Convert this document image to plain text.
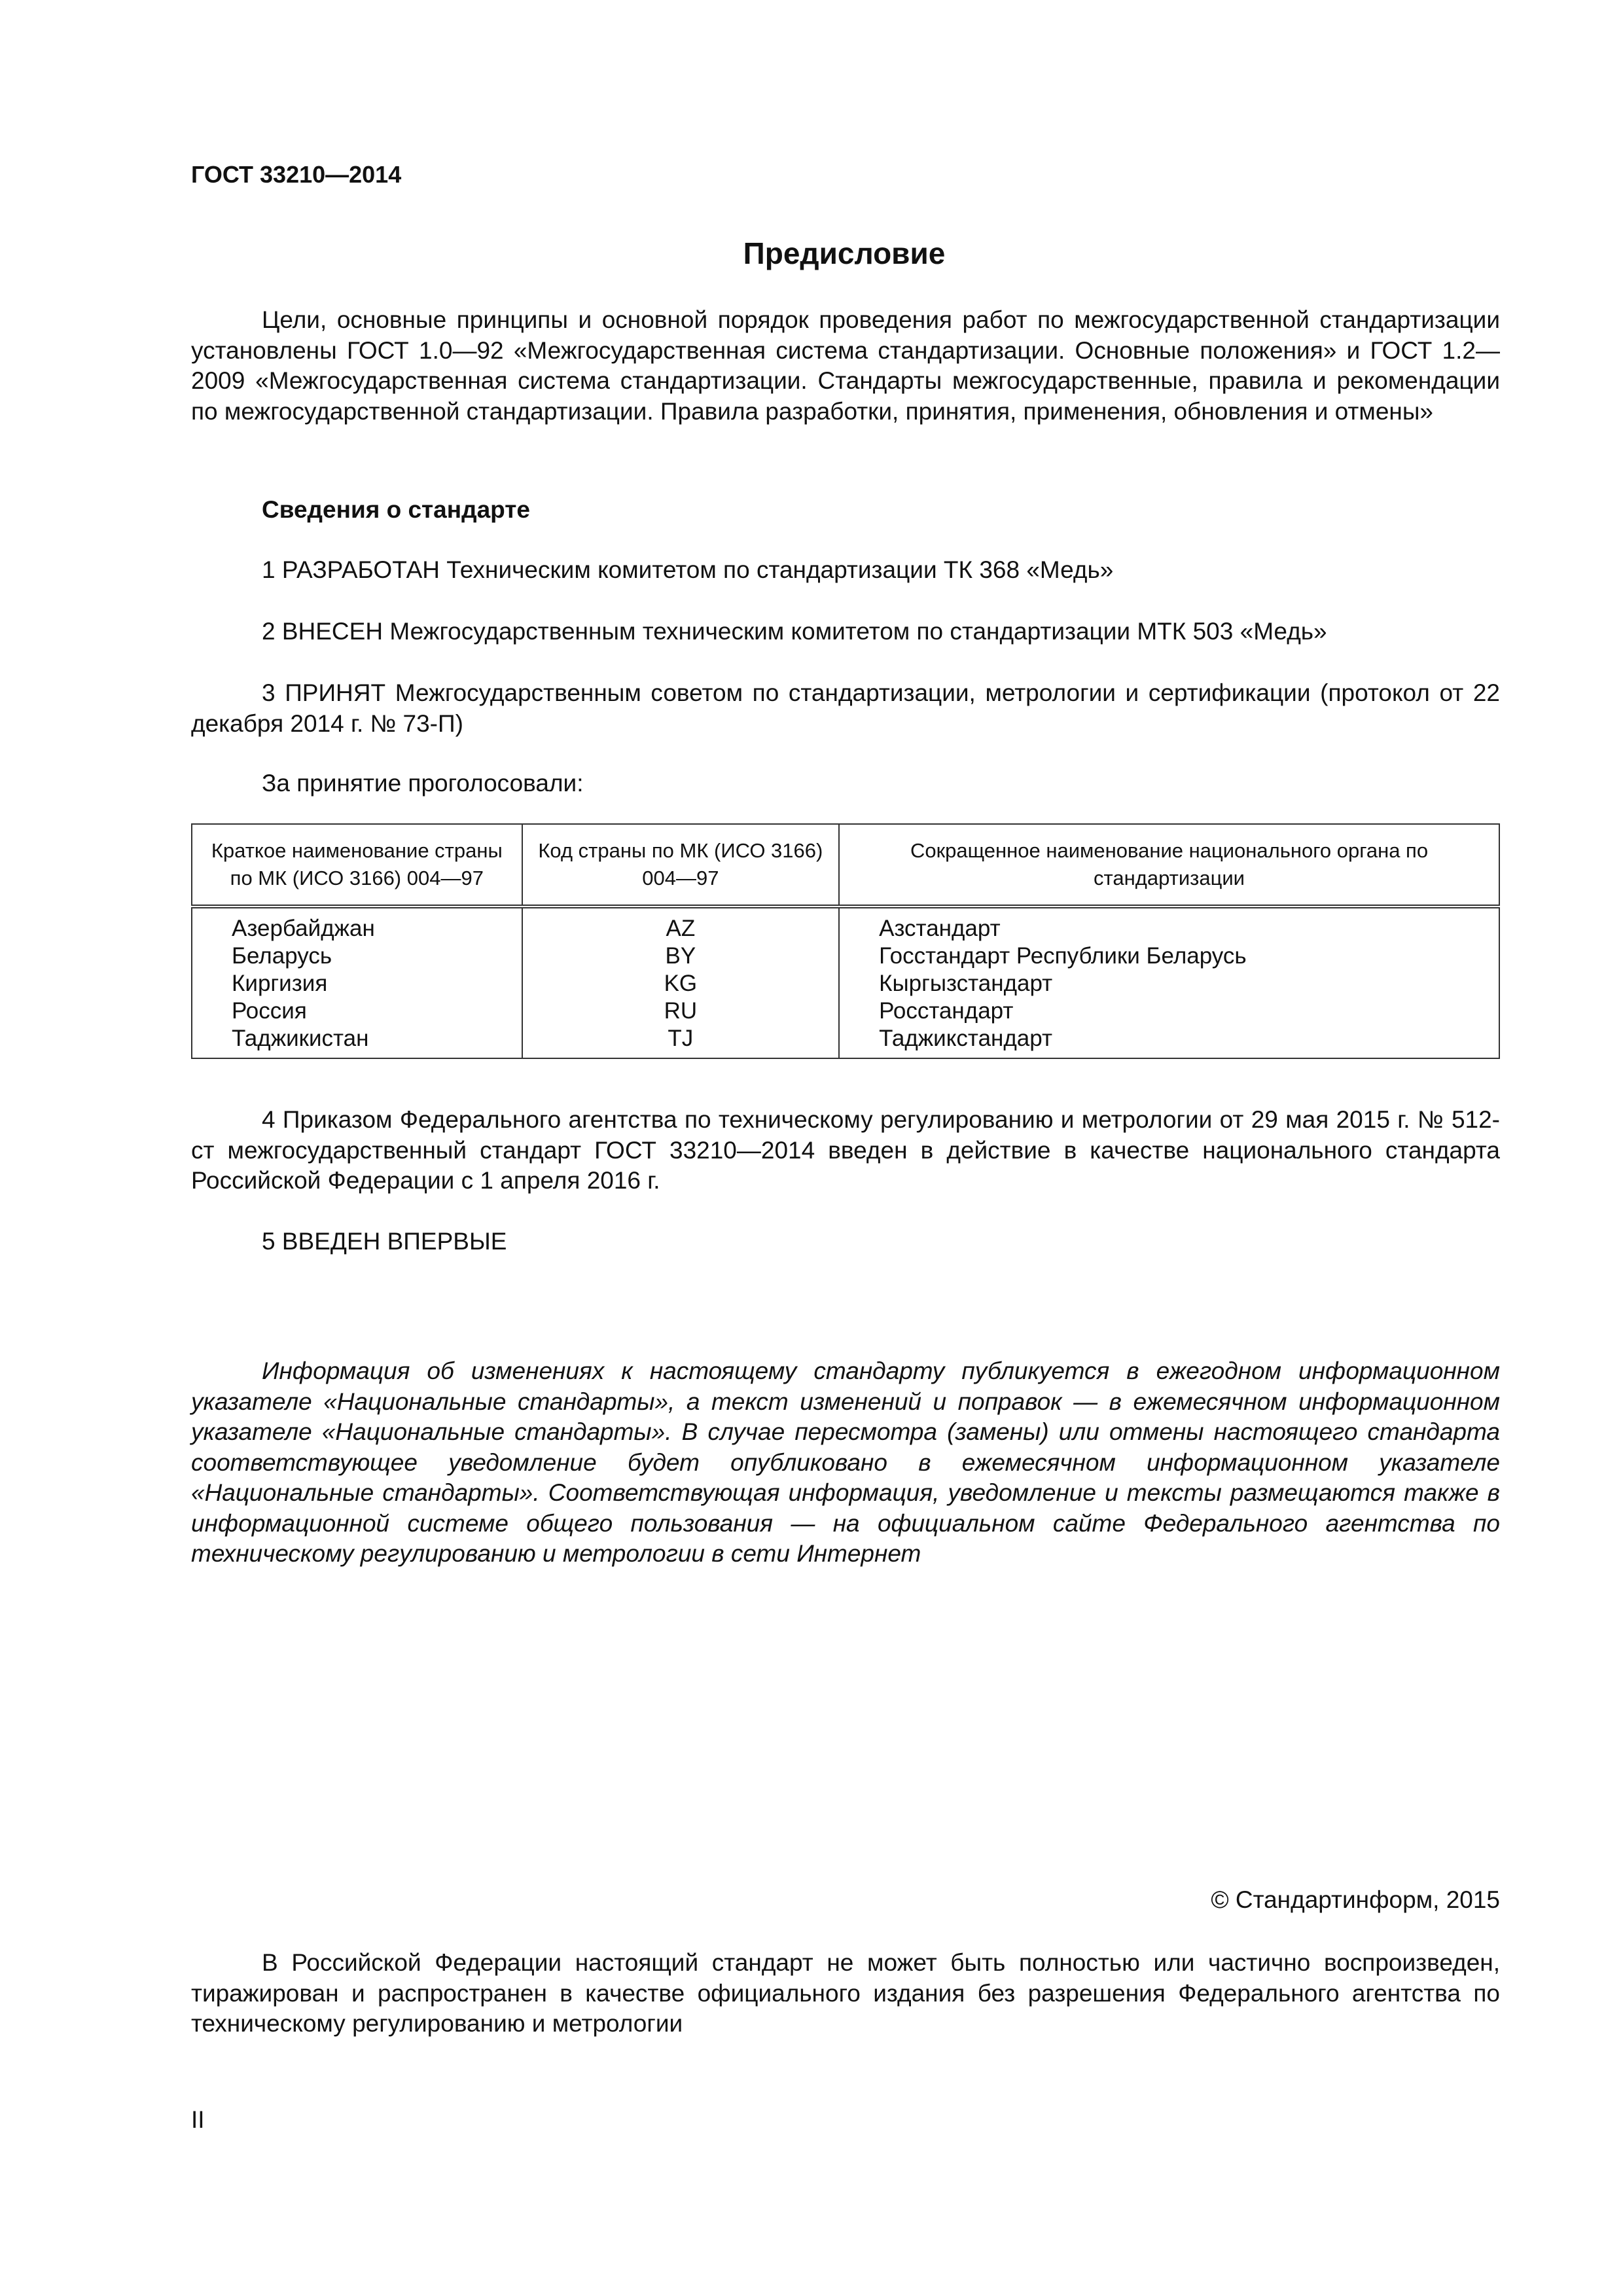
ГОСТ 33210—2014
Предисловие

Цели, основные принципы и основной порядок проведения работ по межгосударственной стандартизации установлены ГОСТ 1.0—92 «Межгосударственная система стандартизации. Основные положения» и ГОСТ 1.2—2009 «Межгосударственная система стандартизации. Стандарты межгосударственные, правила и рекомендации по межгосударственной стандартизации. Правила разработки, принятия, применения, обновления и отмены»

Сведения о стандарте

1 РАЗРАБОТАН Техническим комитетом по стандартизации ТК 368 «Медь»

2 ВНЕСЕН Межгосударственным техническим комитетом по стандартизации МТК 503 «Медь»

3 ПРИНЯТ Межгосударственным советом по стандартизации, метрологии и сертификации (протокол от 22 декабря 2014 г. № 73-П)

За принятие проголосовали:
Краткое наименование страны по МК (ИСО 3166) 004—97	Код страны по МК (ИСО 3166) 004—97	Сокращенное наименование национального органа по стандартизации
Азербайджан	AZ	Азстандарт
Беларусь	BY	Госстандарт Республики Беларусь
Киргизия	KG	Кыргызстандарт
Россия	RU	Росстандарт
Таджикистан	TJ	Таджикстандарт

4 Приказом Федерального агентства по техническому регулированию и метрологии от 29 мая 2015 г. № 512-ст межгосударственный стандарт ГОСТ 33210—2014 введен в действие в качестве национального стандарта Российской Федерации с 1 апреля 2016 г.

5 ВВЕДЕН ВПЕРВЫЕ

Информация об изменениях к настоящему стандарту публикуется в ежегодном информационном указателе «Национальные стандарты», а текст изменений и поправок — в ежемесячном информационном указателе «Национальные стандарты». В случае пересмотра (замены) или отмены настоящего стандарта соответствующее уведомление будет опубликовано в ежемесячном информационном указателе «Национальные стандарты». Соответствующая информация, уведомление и тексты размещаются также в информационной системе общего пользования — на официальном сайте Федерального агентства по техническому регулированию и метрологии в сети Интернет

© Стандартинформ, 2015

В Российской Федерации настоящий стандарт не может быть полностью или частично воспроизведен, тиражирован и распространен в качестве официального издания без разрешения Федерального агентства по техническому регулированию и метрологии

II
